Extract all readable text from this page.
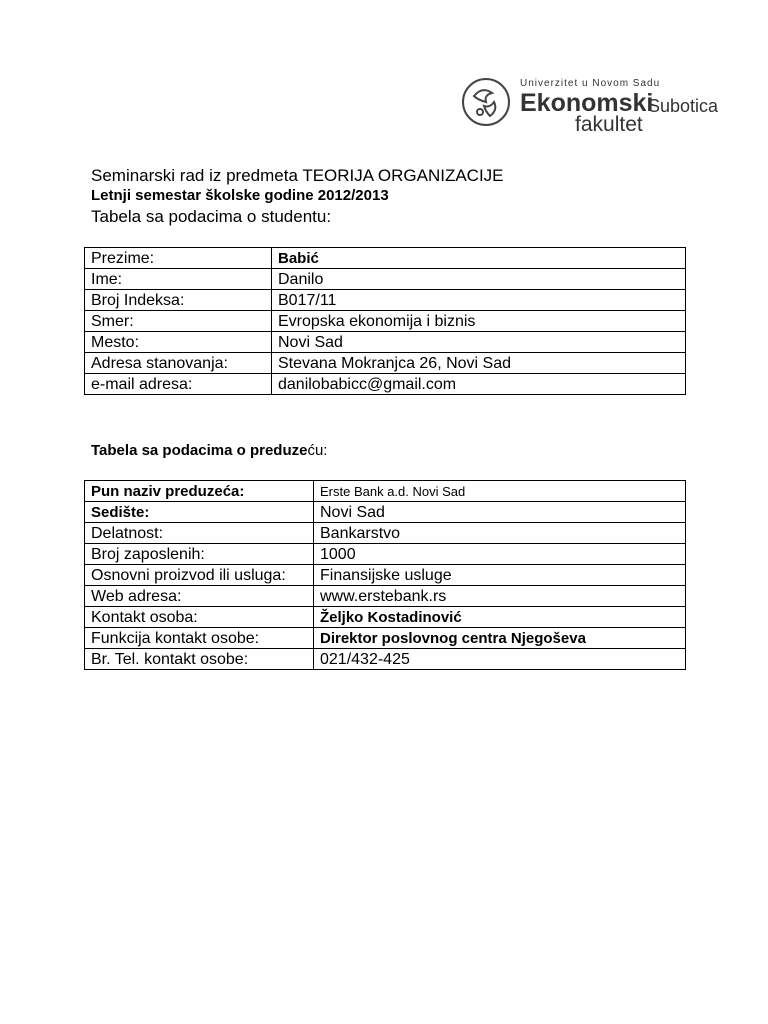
Univerzitet u Novom Sadu
Ekonomski
Subotica
fakultet
Seminarski rad iz predmeta TEORIJA ORGANIZACIJE
Letnji semestar školske godine 2012/2013
Tabela sa podacima o studentu:
Prezime:	Babić
Ime:	Danilo
Broj Indeksa:	B017/11
Smer:	Evropska ekonomija i biznis
Mesto:	Novi Sad
Adresa stanovanja:	Stevana Mokranjca 26, Novi Sad
e-mail adresa:	danilobabicc@gmail.com
Tabela sa podacima o preduzeću:
Pun naziv preduzeća:	Erste Bank a.d. Novi Sad
Sedište:	Novi Sad
Delatnost:	Bankarstvo
Broj zaposlenih:	1000
Osnovni proizvod ili usluga:	Finansijske usluge
Web adresa:	www.erstebank.rs
Kontakt osoba:	Željko Kostadinović
Funkcija kontakt osobe:	Direktor poslovnog centra Njegoševa
Br. Tel. kontakt osobe:	021/432-425
